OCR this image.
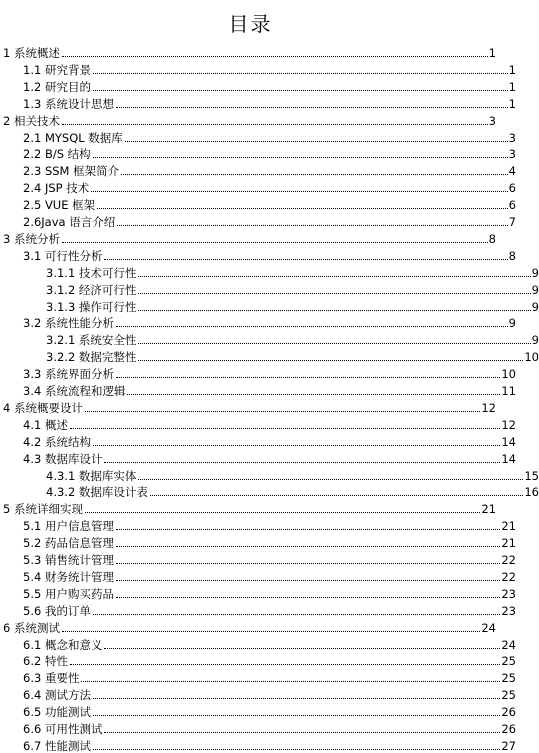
目录
1 系统概述	1
1.1 研究背景	1
1.2 研究目的	1
1.3 系统设计思想	1
2 相关技术	3
2.1 MYSQL 数据库	3
2.2 B/S 结构	3
2.3 SSM 框架简介	4
2.4 JSP 技术	6
2.5 VUE 框架	6
2.6Java 语言介绍	7
3 系统分析	8
3.1 可行性分析	8
3.1.1 技术可行性	9
3.1.2 经济可行性	9
3.1.3 操作可行性	9
3.2 系统性能分析	9
3.2.1 系统安全性	9
3.2.2 数据完整性	10
3.3 系统界面分析	10
3.4 系统流程和逻辑	11
4 系统概要设计	12
4.1 概述	12
4.2 系统结构	14
4.3 数据库设计	14
4.3.1 数据库实体	15
4.3.2 数据库设计表	16
5 系统详细实现	21
5.1 用户信息管理	21
5.2 药品信息管理	21
5.3 销售统计管理	22
5.4 财务统计管理	22
5.5 用户购买药品	23
5.6 我的订单	23
6 系统测试	24
6.1 概念和意义	24
6.2 特性	25
6.3 重要性	25
6.4 测试方法	25
6.5 功能测试	26
6.6 可用性测试	26
6.7 性能测试	27
